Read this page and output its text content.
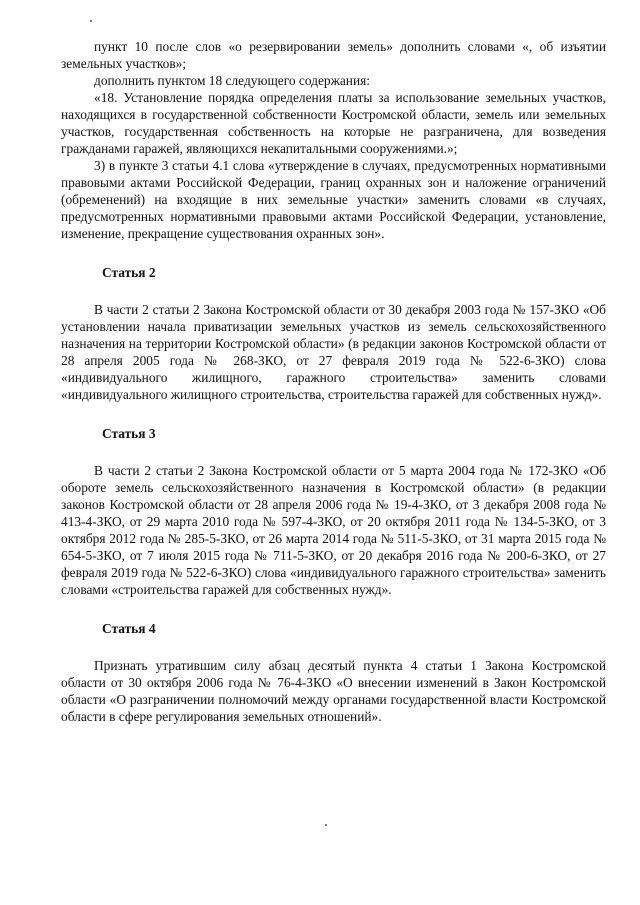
пункт 10 после слов «о резервировании земель» дополнить словами «, об изъятии земельных участков»;

дополнить пунктом 18 следующего содержания:

«18. Установление порядка определения платы за использование земельных участков, находящихся в государственной собственности Костромской области, земель или земельных участков, государственная собственность на которые не разграничена, для возведения гражданами гаражей, являющихся некапитальными сооружениями.»;

3) в пункте 3 статьи 4.1 слова «утверждение в случаях, предусмотренных нормативными правовыми актами Российской Федерации, границ охранных зон и наложение ограничений (обременений) на входящие в них земельные участки» заменить словами «в случаях, предусмотренных нормативными правовыми актами Российской Федерации, установление, изменение, прекращение существования охранных зон».

Статья 2

В части 2 статьи 2 Закона Костромской области от 30 декабря 2003 года № 157-ЗКО «Об установлении начала приватизации земельных участков из земель сельскохозяйственного назначения на территории Костромской области» (в редакции законов Костромской области от 28 апреля 2005 года № 268-ЗКО, от 27 февраля 2019 года № 522-6-ЗКО) слова «индивидуального жилищного, гаражного строительства» заменить словами «индивидуального жилищного строительства, строительства гаражей для собственных нужд».

Статья 3

В части 2 статьи 2 Закона Костромской области от 5 марта 2004 года № 172-ЗКО «Об обороте земель сельскохозяйственного назначения в Костромской области» (в редакции законов Костромской области от 28 апреля 2006 года № 19-4-ЗКО, от 3 декабря 2008 года № 413-4-ЗКО, от 29 марта 2010 года № 597-4-ЗКО, от 20 октября 2011 года № 134-5-ЗКО, от 3 октября 2012 года № 285-5-ЗКО, от 26 марта 2014 года № 511-5-ЗКО, от 31 марта 2015 года № 654-5-ЗКО, от 7 июля 2015 года № 711-5-ЗКО, от 20 декабря 2016 года № 200-6-ЗКО, от 27 февраля 2019 года № 522-6-ЗКО) слова «индивидуального гаражного строительства» заменить словами «строительства гаражей для собственных нужд».

Статья 4

Признать утратившим силу абзац десятый пункта 4 статьи 1 Закона Костромской области от 30 октября 2006 года № 76-4-ЗКО «О внесении изменений в Закон Костромской области «О разграничении полномочий между органами государственной власти Костромской области в сфере регулирования земельных отношений».
